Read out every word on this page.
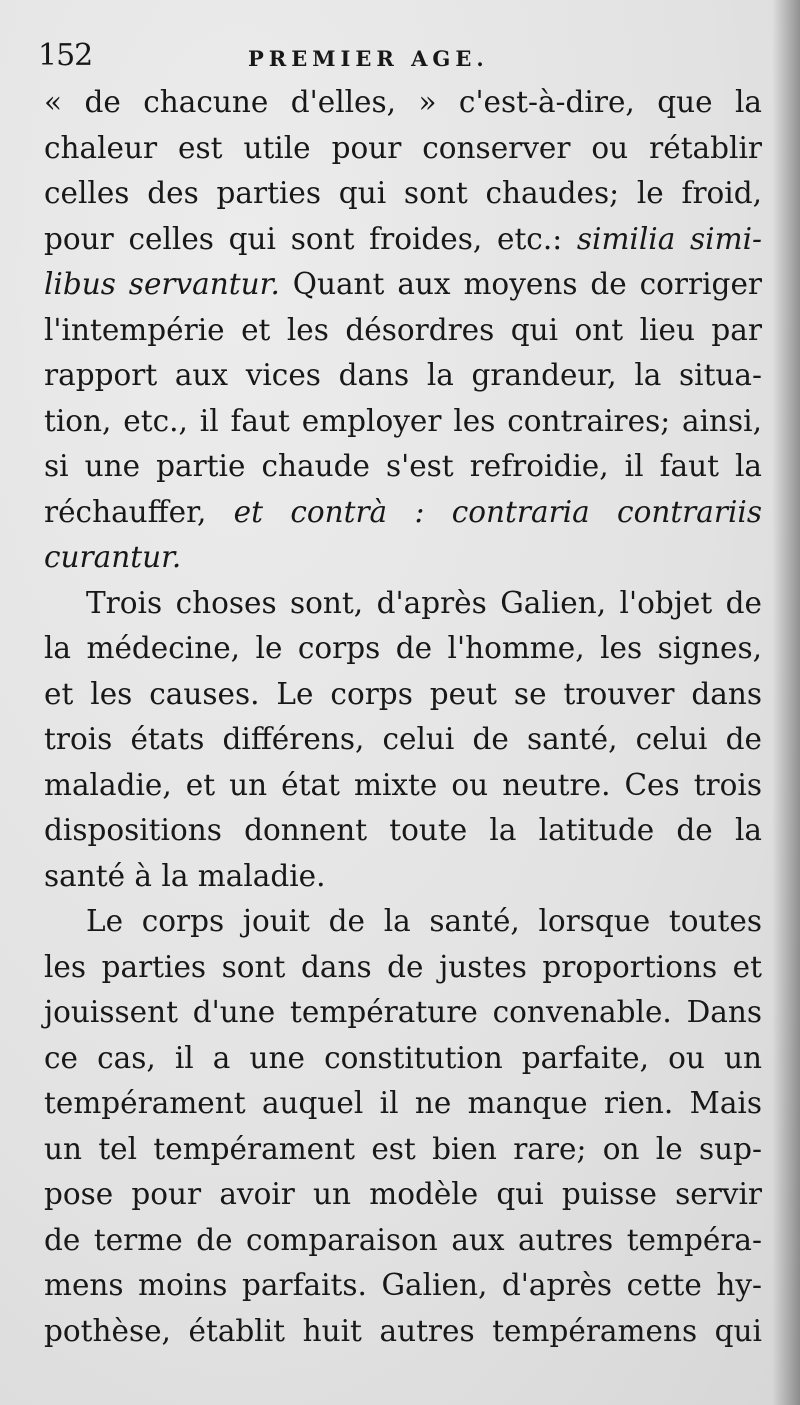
152	PREMIER AGE.
« de chacune d'elles, » c'est-à-dire, que la
chaleur est utile pour conserver ou rétablir
celles des parties qui sont chaudes; le froid,
pour celles qui sont froides, etc.: similia simi-
libus servantur. Quant aux moyens de corriger
l'intempérie et les désordres qui ont lieu par
rapport aux vices dans la grandeur, la situa-
tion, etc., il faut employer les contraires; ainsi,
si une partie chaude s'est refroidie, il faut la
réchauffer, et contrà : contraria contrariis
curantur.
Trois choses sont, d'après Galien, l'objet de
la médecine, le corps de l'homme, les signes,
et les causes. Le corps peut se trouver dans
trois états différens, celui de santé, celui de
maladie, et un état mixte ou neutre. Ces trois
dispositions donnent toute la latitude de la
santé à la maladie.
Le corps jouit de la santé, lorsque toutes
les parties sont dans de justes proportions et
jouissent d'une température convenable. Dans
ce cas, il a une constitution parfaite, ou un
tempérament auquel il ne manque rien. Mais
un tel tempérament est bien rare; on le sup-
pose pour avoir un modèle qui puisse servir
de terme de comparaison aux autres tempéra-
mens moins parfaits. Galien, d'après cette hy-
pothèse, établit huit autres tempéramens qui
